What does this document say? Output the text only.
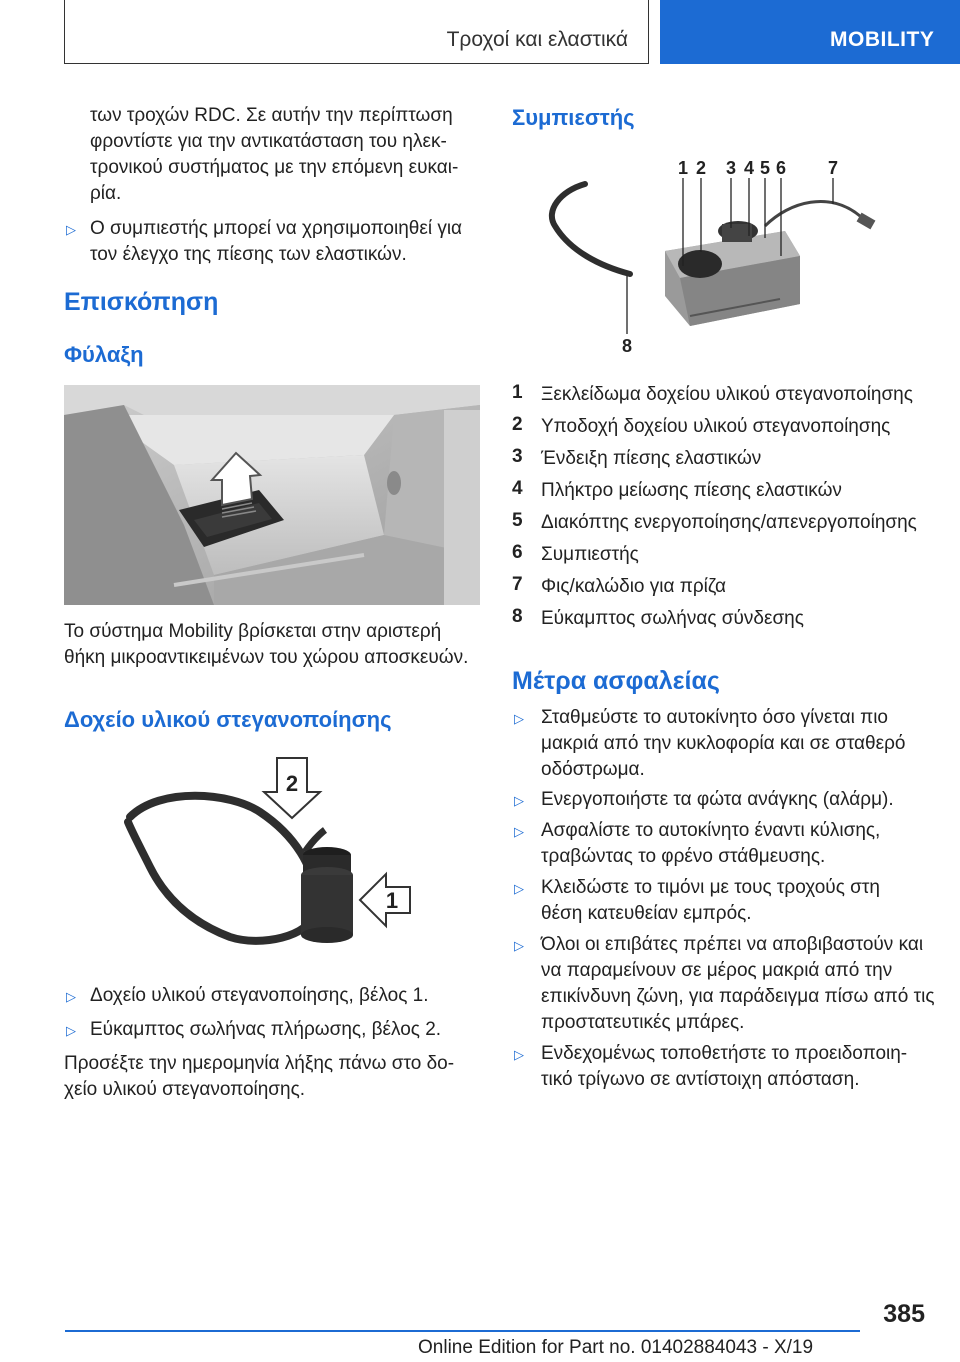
Τροχοί και ελαστικά	MOBILITY
των τροχών RDC. Σε αυτήν την περίπτωση
φροντίστε για την αντικατάσταση του ηλεκ-
τρονικού συστήματος με την επόμενη ευκαι-
ρία.
▷ Ο συμπιεστής μπορεί να χρησιμοποιηθεί για
τον έλεγχο της πίεσης των ελαστικών.
Επισκόπηση
Φύλαξη
Το σύστημα Mobility βρίσκεται στην αριστερή
θήκη μικροαντικειμένων του χώρου αποσκευών.
Δοχείο υλικού στεγανοποίησης
2
1
▷ Δοχείο υλικού στεγανοποίησης, βέλος 1.
▷ Εύκαμπτος σωλήνας πλήρωσης, βέλος 2.
Προσέξτε την ημερομηνία λήξης πάνω στο δο-
χείο υλικού στεγανοποίησης.
Συμπιεστής
1 2 3 4 5 6 7
8
1 Ξεκλείδωμα δοχείου υλικού στεγανοποίησης
2 Υποδοχή δοχείου υλικού στεγανοποίησης
3 Ένδειξη πίεσης ελαστικών
4 Πλήκτρο μείωσης πίεσης ελαστικών
5 Διακόπτης ενεργοποίησης/απενεργοποίησης
6 Συμπιεστής
7 Φις/καλώδιο για πρίζα
8 Εύκαμπτος σωλήνας σύνδεσης
Μέτρα ασφαλείας
▷ Σταθμεύστε το αυτοκίνητο όσο γίνεται πιο
μακριά από την κυκλοφορία και σε σταθερό
οδόστρωμα.
▷ Ενεργοποιήστε τα φώτα ανάγκης (αλάρμ).
▷ Ασφαλίστε το αυτοκίνητο έναντι κύλισης,
τραβώντας το φρένο στάθμευσης.
▷ Κλειδώστε το τιμόνι με τους τροχούς στη
θέση κατευθείαν εμπρός.
▷ Όλοι οι επιβάτες πρέπει να αποβιβαστούν και
να παραμείνουν σε μέρος μακριά από την
επικίνδυνη ζώνη, για παράδειγμα πίσω από τις
προστατευτικές μπάρες.
▷ Ενδεχομένως τοποθετήστε το προειδοποιη-
τικό τρίγωνο σε αντίστοιχη απόσταση.
385
Online Edition for Part no. 01402884043 - X/19
